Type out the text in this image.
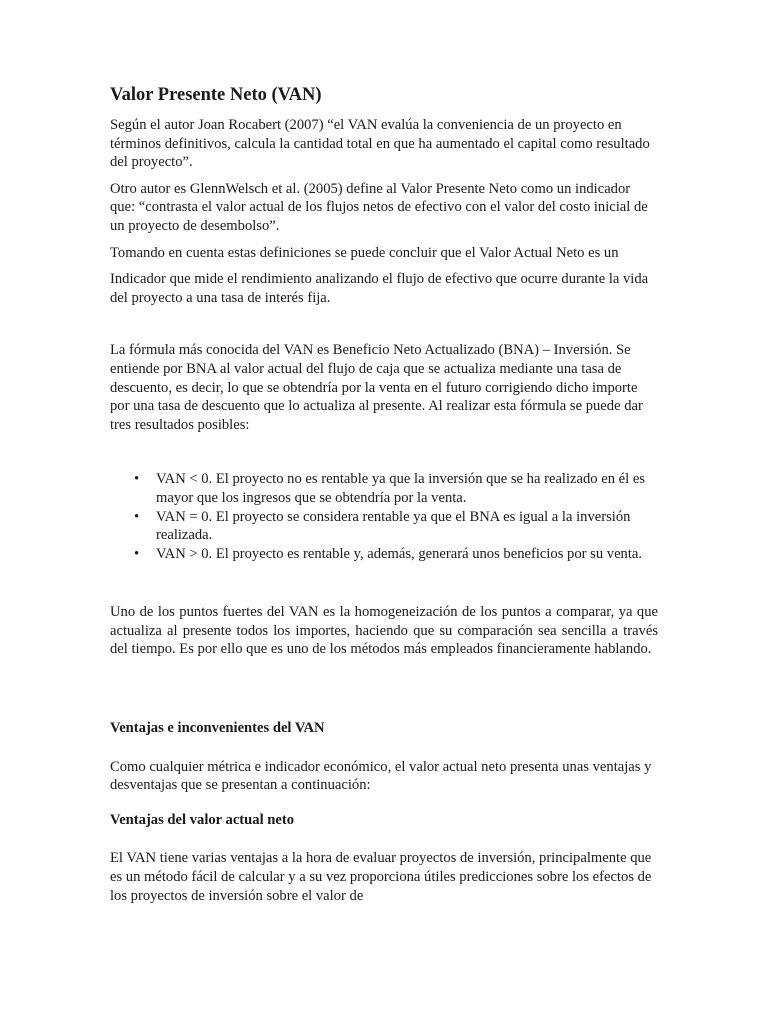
Valor Presente Neto (VAN)

Según el autor Joan Rocabert (2007) “el VAN evalúa la conveniencia de un proyecto en términos definitivos, calcula la cantidad total en que ha aumentado el capital como resultado del proyecto”.

Otro autor es GlennWelsch et al. (2005) define al Valor Presente Neto como un indicador que: “contrasta el valor actual de los flujos netos de efectivo con el valor del costo inicial de un proyecto de desembolso”.

Tomando en cuenta estas definiciones se puede concluir que el Valor Actual Neto es un

Indicador que mide el rendimiento analizando el flujo de efectivo que ocurre durante la vida del proyecto a una tasa de interés fija.

La fórmula más conocida del VAN es Beneficio Neto Actualizado (BNA) – Inversión. Se entiende por BNA al valor actual del flujo de caja que se actualiza mediante una tasa de descuento, es decir, lo que se obtendría por la venta en el futuro corrigiendo dicho importe por una tasa de descuento que lo actualiza al presente. Al realizar esta fórmula se puede dar tres resultados posibles:

• VAN < 0. El proyecto no es rentable ya que la inversión que se ha realizado en él es mayor que los ingresos que se obtendría por la venta.
• VAN = 0. El proyecto se considera rentable ya que el BNA es igual a la inversión realizada.
• VAN > 0. El proyecto es rentable y, además, generará unos beneficios por su venta.

Uno de los puntos fuertes del VAN es la homogeneización de los puntos a comparar, ya que actualiza al presente todos los importes, haciendo que su comparación sea sencilla a través del tiempo. Es por ello que es uno de los métodos más empleados financieramente hablando.

Ventajas e inconvenientes del VAN

Como cualquier métrica e indicador económico, el valor actual neto presenta unas ventajas y desventajas que se presentan a continuación:

Ventajas del valor actual neto

El VAN tiene varias ventajas a la hora de evaluar proyectos de inversión, principalmente que es un método fácil de calcular y a su vez proporciona útiles predicciones sobre los efectos de los proyectos de inversión sobre el valor de
